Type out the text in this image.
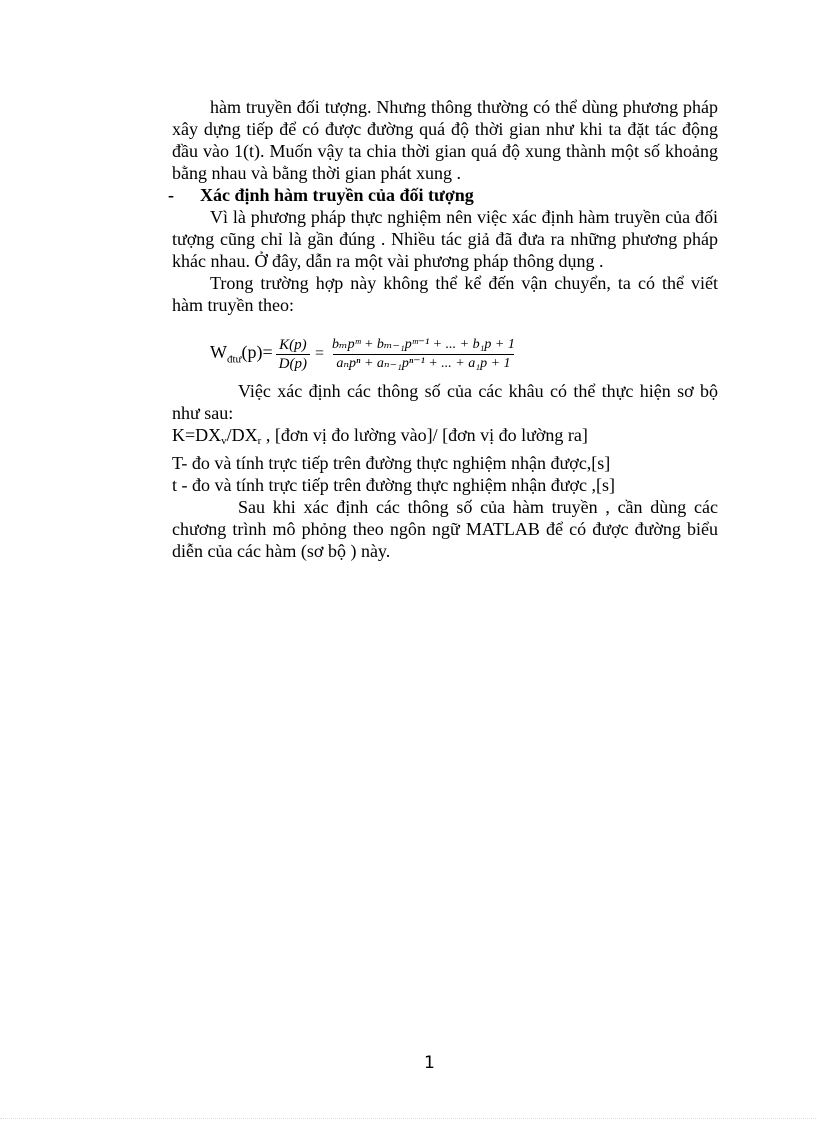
hàm truyền đối tượng. Nhưng thông thường có thể dùng phương pháp xây dựng tiếp để có được đường quá độ thời gian như khi ta đặt tác động đầu vào 1(t). Muốn vậy ta chia thời gian quá độ xung thành một số khoảng bằng nhau và bằng thời gian phát xung .

- Xác định hàm truyền của đối tượng

Vì là phương pháp thực nghiệm nên việc xác định hàm truyền của đối tượng cũng chỉ là gần đúng . Nhiều tác giả đã đưa ra những phương pháp khác nhau. Ở đây, dẫn ra một vài phương pháp thông dụng .

Trong trường hợp này không thể kể đến vận chuyển, ta có thể viết hàm truyền theo:

$W_{đtư}(p)= \frac{K(p)}{D(p)} = \frac{\text{bₘpᵐ + bₘ₋₁pᵐ⁻¹ + ... + b₁p + 1}}{\text{aₙpⁿ + aₙ₋₁pⁿ⁻¹ + ... + a₁p + 1}}$

Việc xác định các thông số của các khâu có thể thực hiện sơ bộ như sau:

$K=DX_v/DX_r$ , [đơn vị đo lường vào]/ [đơn vị đo lường ra]

T- đo và tính trực tiếp trên đường thực nghiệm nhận được,[s]

t - đo và tính trực tiếp trên đường thực nghiệm nhận được ,[s]

Sau khi xác định các thông số của hàm truyền , cần dùng các chương trình mô phỏng theo ngôn ngữ MATLAB để có được đường biểu diễn của các hàm (sơ bộ ) này.

1
